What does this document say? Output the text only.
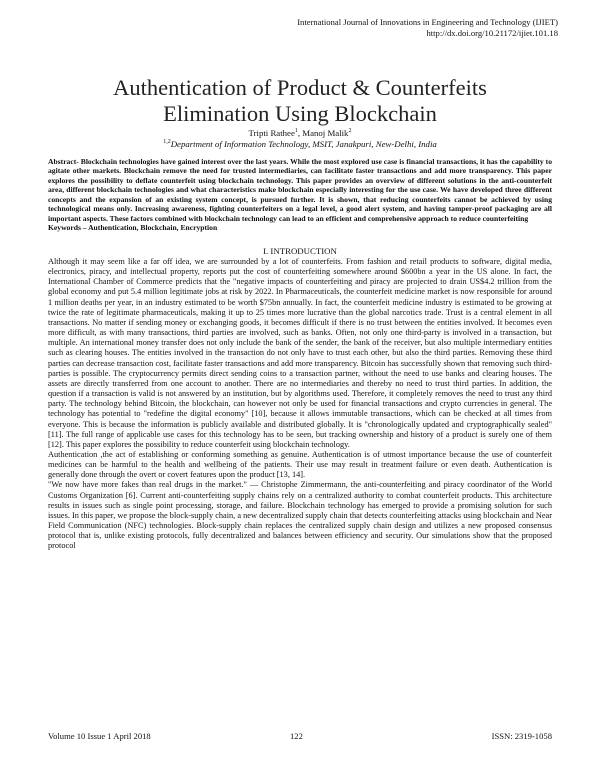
International Journal of Innovations in Engineering and Technology (IJIET)
http://dx.doi.org/10.21172/ijiet.101.18
Authentication of Product & Counterfeits
Elimination Using Blockchain
Tripti Rathee$^1$, Manoj Malik$^2$
$^{1,2}$Department of Information Technology, MSIT, Janakpuri, New-Delhi, India
Abstract- Blockchain technologies have gained interest over the last years. While the most explored use case is financial transactions, it has the capability to agitate other markets. Blockchain remove the need for trusted intermediaries, can facilitate faster transactions and add more transparency. This paper explores the possibility to deflate counterfeit using blockchain technology. This paper provides an overview of different solutions in the anti-counterfeit area, different blockchain technologies and what characteristics make blockchain especially interesting for the use case. We have developed three different concepts and the expansion of an existing system concept, is pursued further. It is shown, that reducing counterfeits cannot be achieved by using technological means only. Increasing awareness, fighting counterfeiters on a legal level, a good alert system, and having tamper-proof packaging are all important aspects. These factors combined with blockchain technology can lead to an efficient and comprehensive approach to reduce counterfeiting
Keywords – Authentication, Blockchain, Encryption
I. INTRODUCTION

Although it may seem like a far off idea, we are surrounded by a lot of counterfeits. From fashion and retail products to software, digital media, electronics, piracy, and intellectual property, reports put the cost of counterfeiting somewhere around $600bn a year in the US alone. In fact, the International Chamber of Commerce predicts that the "negative impacts of counterfeiting and piracy are projected to drain US$4.2 trillion from the global economy and put 5.4 million legitimate jobs at risk by 2022. In Pharmaceuticals, the counterfeit medicine market is now responsible for around 1 million deaths per year, in an industry estimated to be worth $75bn annually. In fact, the counterfeit medicine industry is estimated to be growing at twice the rate of legitimate pharmaceuticals, making it up to 25 times more lucrative than the global narcotics trade. Trust is a central element in all transactions. No matter if sending money or exchanging goods, it becomes difficult if there is no trust between the entities involved. It becomes even more difficult, as with many transactions, third parties are involved, such as banks. Often, not only one third-party is involved in a transaction, but multiple. An international money transfer does not only include the bank of the sender, the bank of the receiver, but also multiple intermediary entities such as clearing houses. The entities involved in the transaction do not only have to trust each other, but also the third parties. Removing these third parties can decrease transaction cost, facilitate faster transactions and add more transparency. Bitcoin has successfully shown that removing such third-parties is possible. The cryptocurrency permits direct sending coins to a transaction partner, without the need to use banks and clearing houses. The assets are directly transferred from one account to another. There are no intermediaries and thereby no need to trust third parties. In addition, the question if a transaction is valid is not answered by an institution, but by algorithms used. Therefore, it completely removes the need to trust any third party. The technology behind Bitcoin, the blockchain, can however not only be used for financial transactions and crypto currencies in general. The technology has potential to "redefine the digital economy" [10], because it allows immutable transactions, which can be checked at all times from everyone. This is because the information is publicly available and distributed globally. It is "chronologically updated and cryptographically sealed" [11]. The full range of applicable use cases for this technology has to be seen, but tracking ownership and history of a product is surely one of them [12]. This paper explores the possibility to reduce counterfeit using blockchain technology.

Authentication ,the act of establishing or conforming something as genuine. Authentication is of utmost importance because the use of counterfeit medicines can be harmful to the health and wellbeing of the patients. Their use may result in treatment failure or even death. Authentication is generally done through the overt or covert features upon the product [13, 14].

"We now have more fakes than real drugs in the market." — Christophe Zimmermann, the anti-counterfeiting and piracy coordinator of the World Customs Organization [6]. Current anti-counterfeiting supply chains rely on a centralized authority to combat counterfeit products. This architecture results in issues such as single point processing, storage, and failure. Blockchain technology has emerged to provide a promising solution for such issues. In this paper, we propose the block-supply chain, a new decentralized supply chain that detects counterfeiting attacks using blockchain and Near Field Communication (NFC) technologies. Block-supply chain replaces the centralized supply chain design and utilizes a new proposed consensus protocol that is, unlike existing protocols, fully decentralized and balances between efficiency and security. Our simulations show that the proposed protocol

Volume 10 Issue 1 April 2018	122	ISSN: 2319-1058
